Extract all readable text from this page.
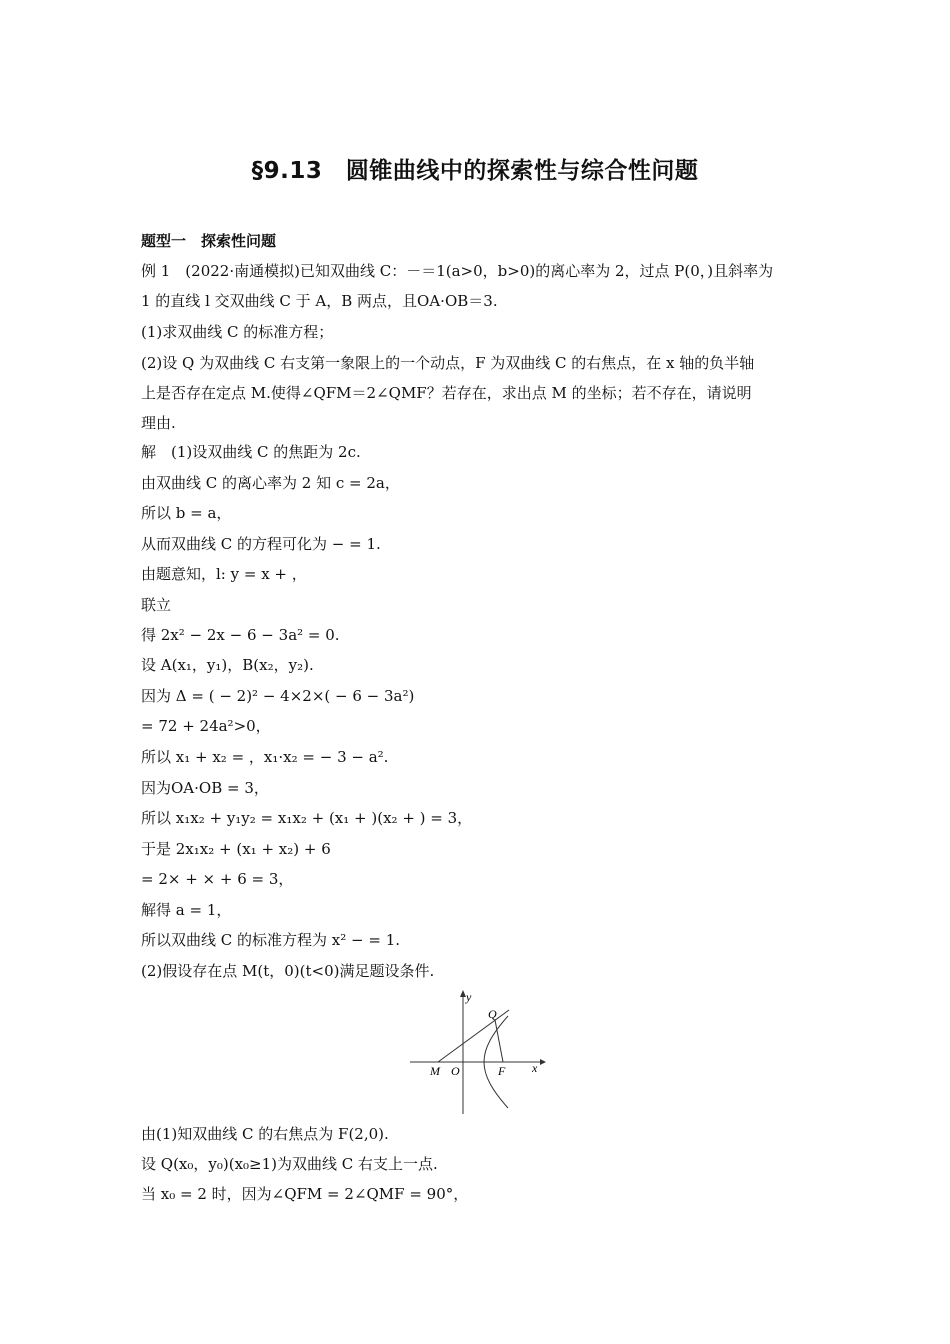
§9.13　圆锥曲线中的探索性与综合性问题
题型一　探索性问题
例 1　(2022·南通模拟)已知双曲线 C：－＝1(a>0，b>0)的离心率为 2，过点 P(0，)且斜率为
1 的直线 l 交双曲线 C 于 A，B 两点，且OA·OB＝3.
(1)求双曲线 C 的标准方程；
(2)设 Q 为双曲线 C 右支第一象限上的一个动点，F 为双曲线 C 的右焦点，在 x 轴的负半轴
上是否存在定点 M.使得∠QFM＝2∠QMF？若存在，求出点 M 的坐标；若不存在，请说明
理由.
解　(1)设双曲线 C 的焦距为 2c.
由双曲线 C 的离心率为 2 知 c = 2a，
所以 b = a，
从而双曲线 C 的方程可化为 − = 1.
由题意知，l: y = x + ，
联立
得 2x² − 2x − 6 − 3a² = 0.
设 A(x₁，y₁)，B(x₂，y₂).
因为 Δ = ( − 2)² − 4×2×( − 6 − 3a²)
= 72 + 24a²>0，
所以 x₁ + x₂ = ，x₁·x₂ = − 3 − a².
因为OA·OB = 3，
所以 x₁x₂ + y₁y₂ = x₁x₂ + (x₁ + )(x₂ + ) = 3，
于是 2x₁x₂ + (x₁ + x₂) + 6
= 2× + × + 6 = 3，
解得 a = 1，
所以双曲线 C 的标准方程为 x² − = 1.
(2)假设存在点 M(t，0)(t<0)满足题设条件.
由(1)知双曲线 C 的右焦点为 F(2,0).
设 Q(x₀，y₀)(x₀≥1)为双曲线 C 右支上一点.
当 x₀ = 2 时，因为∠QFM = 2∠QMF = 90°，
y
Q
M O	F x
